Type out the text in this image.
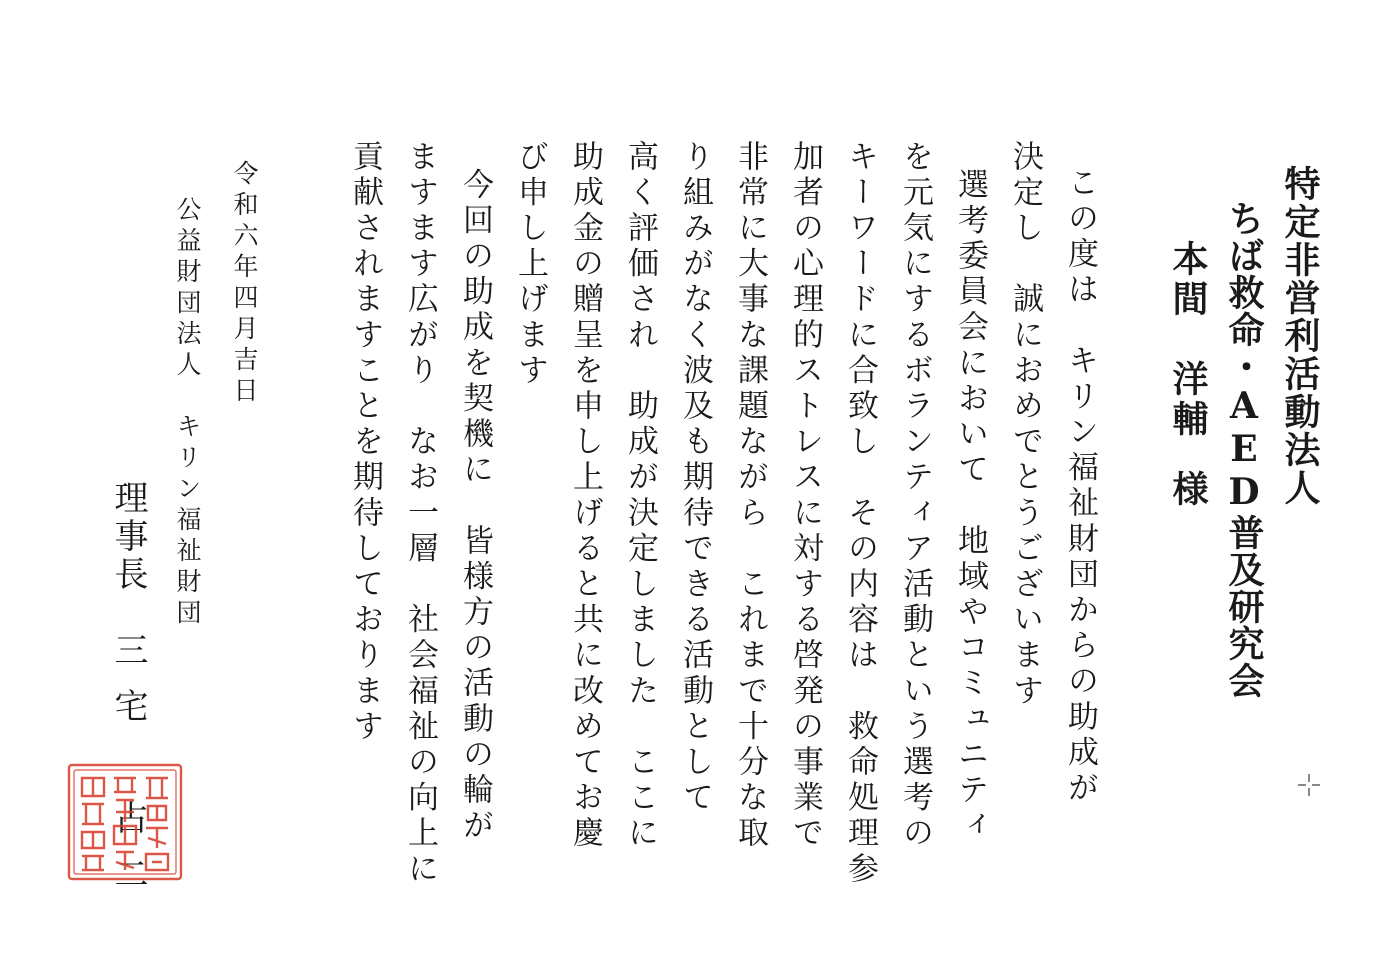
特定非営利活動法人
ちば救命・AED普及研究会
本間　洋輔
様
この度は　キリン福祉財団からの助成が
決定し　誠におめでとうございます
選考委員会において　地域やコミュニティ
を元気にするボランティア活動という選考の
キーワードに合致し　その内容は　救命処理参
加者の心理的ストレスに対する啓発の事業で
非常に大事な課題ながら　これまで十分な取
り組みがなく波及も期待できる活動として
高く評価され　助成が決定しました　ここに
助成金の贈呈を申し上げると共に改めてお慶
び申し上げます
今回の助成を契機に　皆様方の活動の輪が
ますます広がり　なお一層　社会福祉の向上に
貢献されますことを期待しております
令和六年四月吉日
公益財団法人　キリン福祉財団
理事長
三宅　占二
